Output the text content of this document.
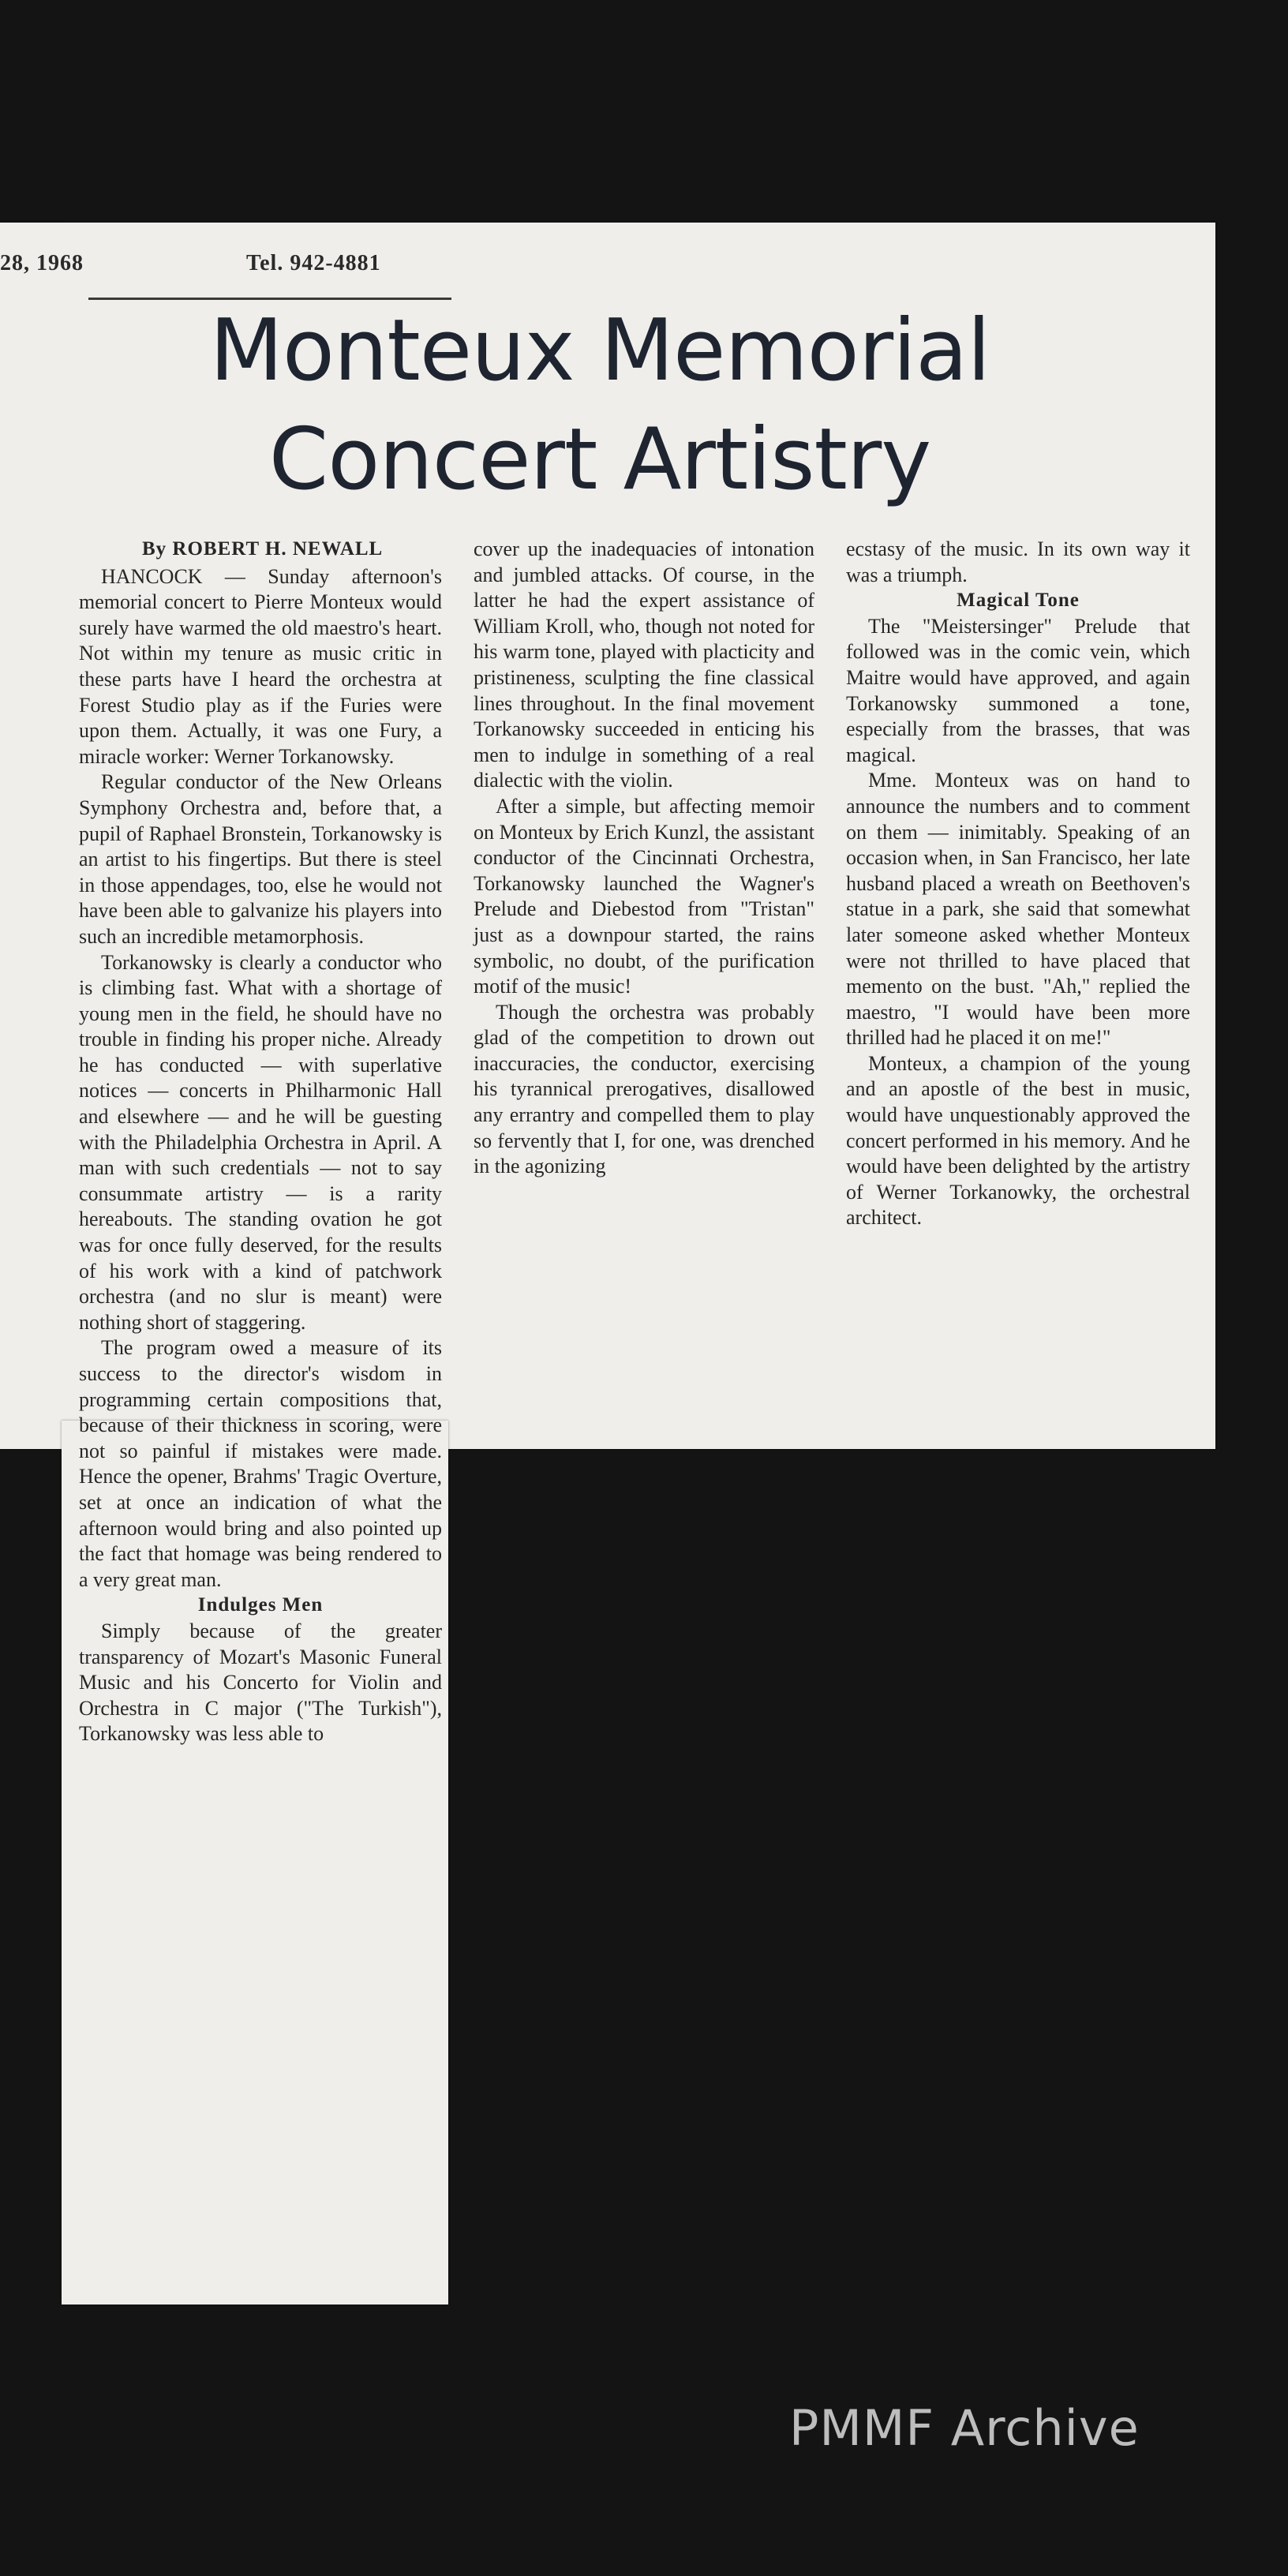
28, 1968	Tel. 942-4881
Monteux Memorial
Concert Artistry

By ROBERT H. NEWALL

HANCOCK — Sunday afternoon's memorial concert to Pierre Monteux would surely have warmed the old maestro's heart. Not within my tenure as music critic in these parts have I heard the orchestra at Forest Studio play as if the Furies were upon them. Actually, it was one Fury, a miracle worker: Werner Torkanowsky.

Regular conductor of the New Orleans Symphony Orchestra and, before that, a pupil of Raphael Bronstein, Torkanowsky is an artist to his fingertips. But there is steel in those appendages, too, else he would not have been able to galvanize his players into such an incredible metamorphosis.

Torkanowsky is clearly a conductor who is climbing fast. What with a shortage of young men in the field, he should have no trouble in finding his proper niche. Already he has conducted — with superlative notices — concerts in Philharmonic Hall and elsewhere — and he will be guesting with the Philadelphia Orchestra in April. A man with such credentials — not to say consummate artistry — is a rarity hereabouts. The standing ovation he got was for once fully deserved, for the results of his work with a kind of patchwork orchestra (and no slur is meant) were nothing short of staggering.

The program owed a measure of its success to the director's wisdom in programming certain compositions that, because of their thickness in scoring, were not so painful if mistakes were made. Hence the opener, Brahms' Tragic Overture, set at once an indication of what the afternoon would bring and also pointed up the fact that homage was being rendered to a very great man.

Indulges Men

Simply because of the greater transparency of Mozart's Masonic Funeral Music and his Concerto for Violin and Orchestra in C major ("The Turkish"), Torkanowsky was less able to

cover up the inadequacies of intonation and jumbled attacks. Of course, in the latter he had the expert assistance of William Kroll, who, though not noted for his warm tone, played with placticity and pristineness, sculpting the fine classical lines throughout. In the final movement Torkanowsky succeeded in enticing his men to indulge in something of a real dialectic with the violin.

After a simple, but affecting memoir on Monteux by Erich Kunzl, the assistant conductor of the Cincinnati Orchestra, Torkanowsky launched the Wagner's Prelude and Diebestod from "Tristan" just as a downpour started, the rains symbolic, no doubt, of the purification motif of the music!

Though the orchestra was probably glad of the competition to drown out inaccuracies, the conductor, exercising his tyrannical prerogatives, disallowed any errantry and compelled them to play so fervently that I, for one, was drenched in the agonizing

ecstasy of the music. In its own way it was a triumph.

Magical Tone

The "Meistersinger" Prelude that followed was in the comic vein, which Maitre would have approved, and again Torkanowsky summoned a tone, especially from the brasses, that was magical.

Mme. Monteux was on hand to announce the numbers and to comment on them — inimitably. Speaking of an occasion when, in San Francisco, her late husband placed a wreath on Beethoven's statue in a park, she said that somewhat later someone asked whether Monteux were not thrilled to have placed that memento on the bust. "Ah," replied the maestro, "I would have been more thrilled had he placed it on me!"

Monteux, a champion of the young and an apostle of the best in music, would have unquestionably approved the concert performed in his memory. And he would have been delighted by the artistry of Werner Torkanowky, the orchestral architect.

PMMF Archive
